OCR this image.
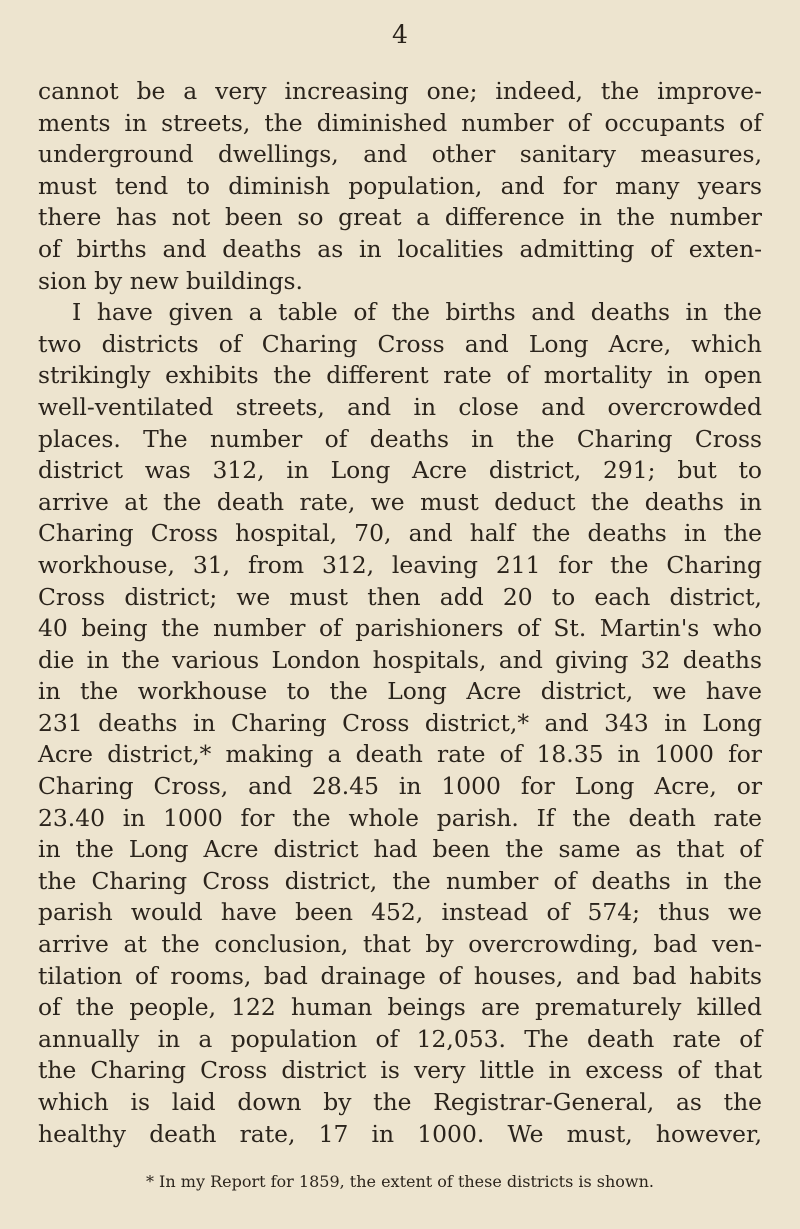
4
cannot be a very increasing one; indeed, the improve-
ments in streets, the diminished number of occupants of
underground dwellings, and other sanitary measures,
must tend to diminish population, and for many years
there has not been so great a difference in the number
of births and deaths as in localities admitting of exten-
sion by new buildings.
I have given a table of the births and deaths in the
two districts of Charing Cross and Long Acre, which
strikingly exhibits the different rate of mortality in open
well-ventilated streets, and in close and overcrowded
places. The number of deaths in the Charing Cross
district was 312, in Long Acre district, 291; but to
arrive at the death rate, we must deduct the deaths in
Charing Cross hospital, 70, and half the deaths in the
workhouse, 31, from 312, leaving 211 for the Charing
Cross district; we must then add 20 to each district,
40 being the number of parishioners of St. Martin's who
die in the various London hospitals, and giving 32 deaths
in the workhouse to the Long Acre district, we have
231 deaths in Charing Cross district,* and 343 in Long
Acre district,* making a death rate of 18.35 in 1000 for
Charing Cross, and 28.45 in 1000 for Long Acre, or
23.40 in 1000 for the whole parish. If the death rate
in the Long Acre district had been the same as that of
the Charing Cross district, the number of deaths in the
parish would have been 452, instead of 574; thus we
arrive at the conclusion, that by overcrowding, bad ven-
tilation of rooms, bad drainage of houses, and bad habits
of the people, 122 human beings are prematurely killed
annually in a population of 12,053. The death rate of
the Charing Cross district is very little in excess of that
which is laid down by the Registrar-General, as the
healthy death rate, 17 in 1000. We must, however,
* In my Report for 1859, the extent of these districts is shown.
